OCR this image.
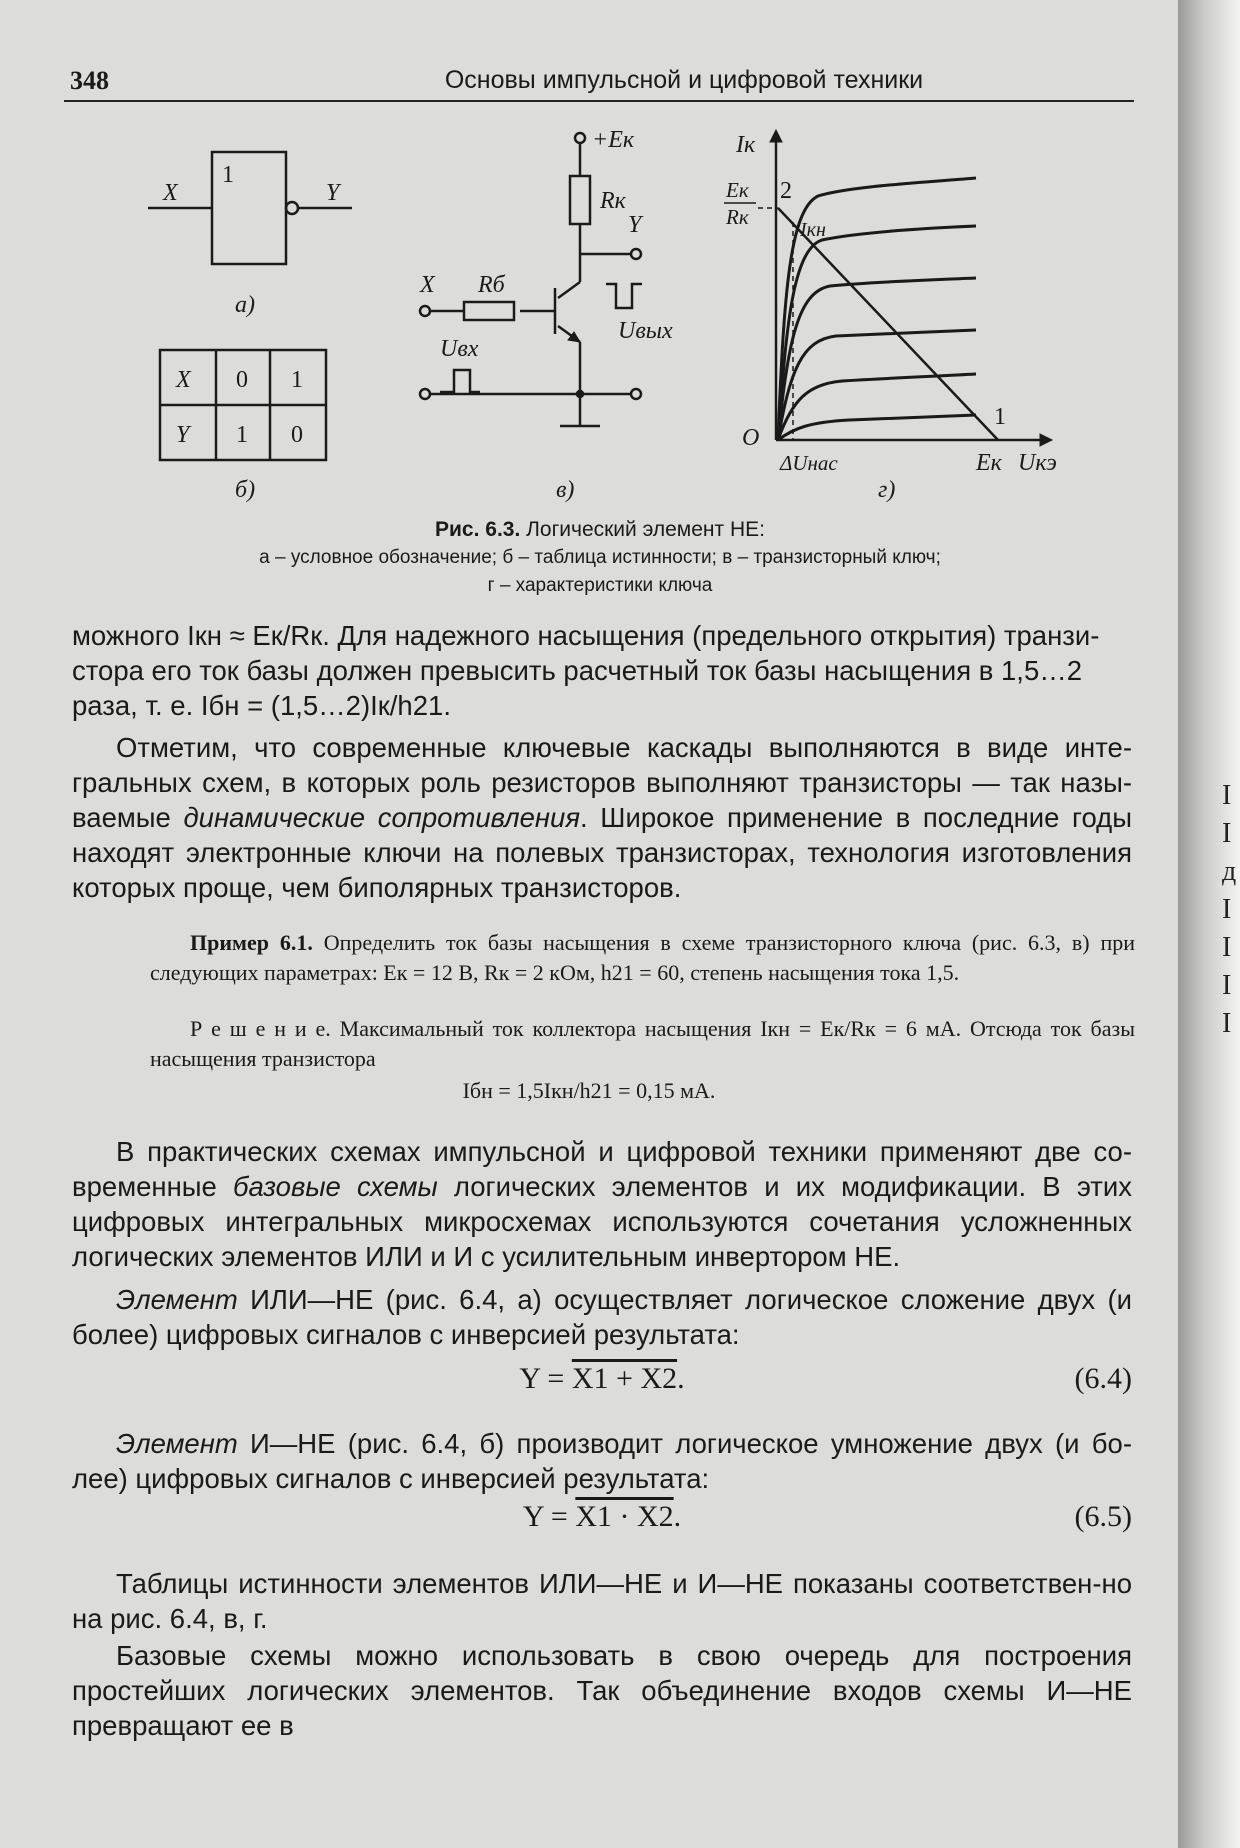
348	Основы импульсной и цифровой техники
1
X	Y
а)
X 0 1
Y 1 0
б)
+Eк
Rк
Y
Rб
X
Uвх
Uвых
в)
Iк
Uкэ
O
Eк
Rк
2
Iкн
1
ΔUнас	Eк
г)
Рис. 6.3. Логический элемент НЕ:
а – условное обозначение; б – таблица истинности; в – транзисторный ключ;
г – характеристики ключа

можного Iкн ≈ Eк/Rк. Для надежного насыщения (предельного открытия) транзи-

стора его ток базы должен превысить расчетный ток базы насыщения в 1,5…2

раза, т. е. Iбн = (1,5…2)Iк/h21.

Отметим, что современные ключевые каскады выполняются в виде инте-гральных схем, в которых роль резисторов выполняют транзисторы — так назы-ваемые динамические сопротивления. Широкое применение в последние годы находят электронные ключи на полевых транзисторах, технология изготовления которых проще, чем биполярных транзисторов.

Пример 6.1. Определить ток базы насыщения в схеме транзисторного ключа (рис. 6.3, в) при следующих параметрах: Eк = 12 В, Rк = 2 кОм, h21 = 60, степень насыщения тока 1,5.

Р е ш е н и е. Максимальный ток коллектора насыщения Iкн = Eк/Rк = 6 мА. Отсюда ток базы насыщения транзистора

Iбн = 1,5Iкн/h21 = 0,15 мА.

В практических схемах импульсной и цифровой техники применяют две со-временные базовые схемы логических элементов и их модификации. В этих цифровых интегральных микросхемах используются сочетания усложненных логических элементов ИЛИ и И с усилительным инвертором НЕ.

Элемент ИЛИ—НЕ (рис. 6.4, а) осуществляет логическое сложение двух (и более) цифровых сигналов с инверсией результата:

Y = X1 + X2.	(6.4)

Элемент И—НЕ (рис. 6.4, б) производит логическое умножение двух (и бо-лее) цифровых сигналов с инверсией результата:

Y = X1 · X2.	(6.5)

Таблицы истинности элементов ИЛИ—НЕ и И—НЕ показаны соответствен-но на рис. 6.4, в, г.

Базовые схемы можно использовать в свою очередь для построения простейших логических элементов. Так объединение входов схемы И—НЕ превращают ее в

I
I
д
I
I
I
I
